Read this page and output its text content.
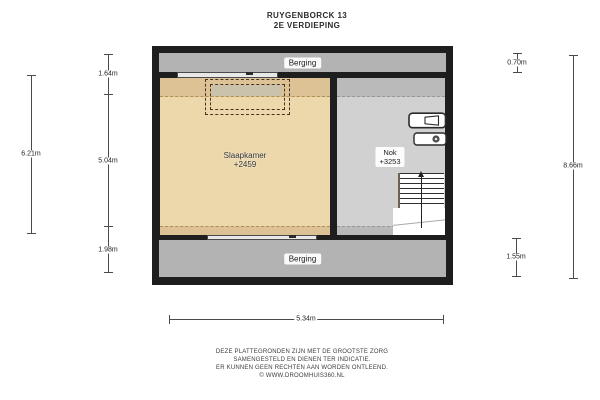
RUYGENBORCK 13
2E VERDIEPING
Berging
Slaapkamer
+2459
Nok
+3253
Berging
6.21m
1.64m
5.04m
1.98m
0.70m
1.55m
8.66m
5.34m
DEZE PLATTEGRONDEN ZIJN MET DE GROOTSTE ZORG
SAMENGESTELD EN DIENEN TER INDICATIE.
ER KUNNEN GEEN RECHTEN AAN WORDEN ONTLEEND.
© WWW.DROOMHUIS360.NL
